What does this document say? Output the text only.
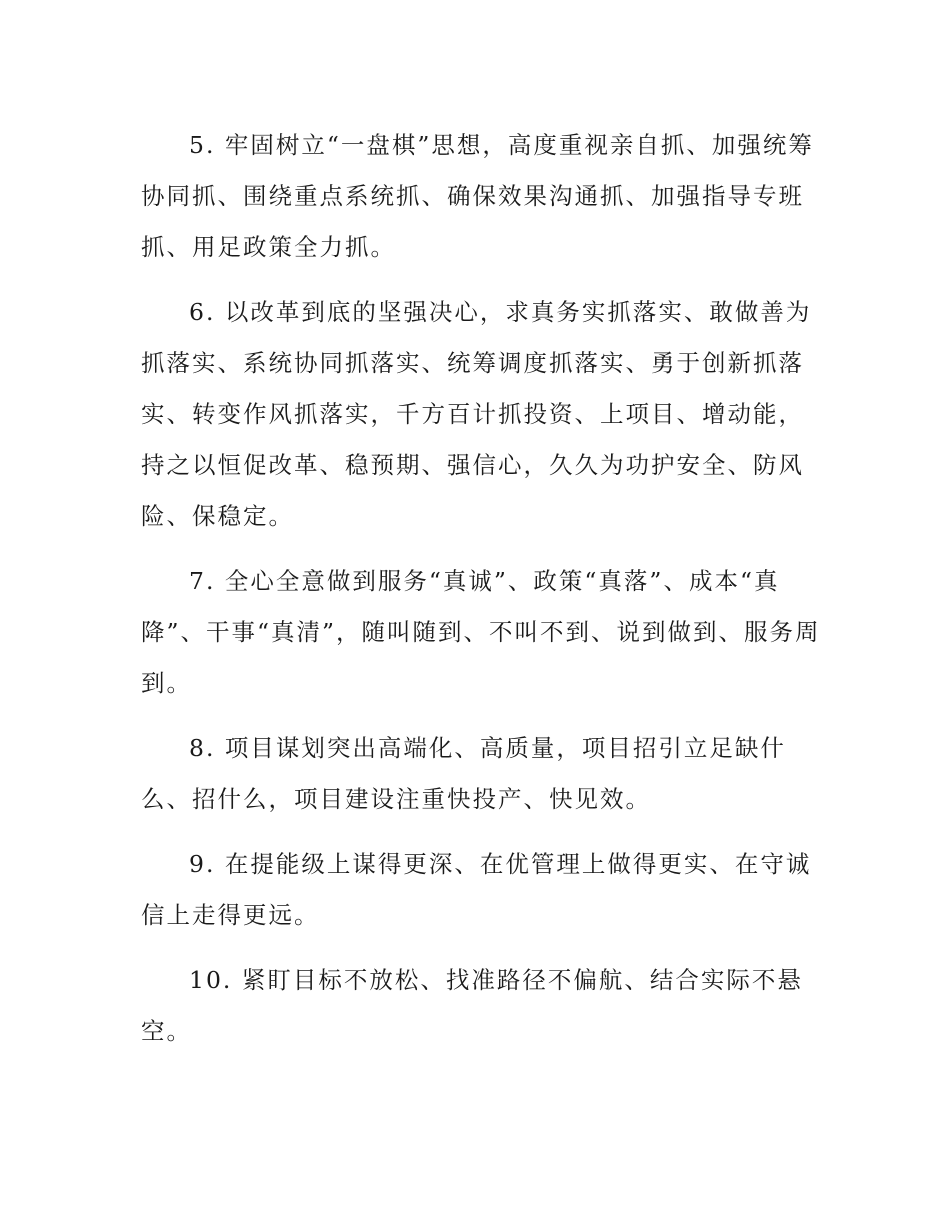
5. 牢固树立“一盘棋”思想，高度重视亲自抓、加强统筹协同抓、围绕重点系统抓、确保效果沟通抓、加强指导专班抓、用足政策全力抓。

6. 以改革到底的坚强决心，求真务实抓落实、敢做善为抓落实、系统协同抓落实、统筹调度抓落实、勇于创新抓落实、转变作风抓落实，千方百计抓投资、上项目、增动能，持之以恒促改革、稳预期、强信心，久久为功护安全、防风险、保稳定。

7. 全心全意做到服务“真诚”、政策“真落”、成本“真降”、干事“真清”，随叫随到、不叫不到、说到做到、服务周到。

8. 项目谋划突出高端化、高质量，项目招引立足缺什么、招什么，项目建设注重快投产、快见效。

9. 在提能级上谋得更深、在优管理上做得更实、在守诚信上走得更远。

10. 紧盯目标不放松、找准路径不偏航、结合实际不悬空。
